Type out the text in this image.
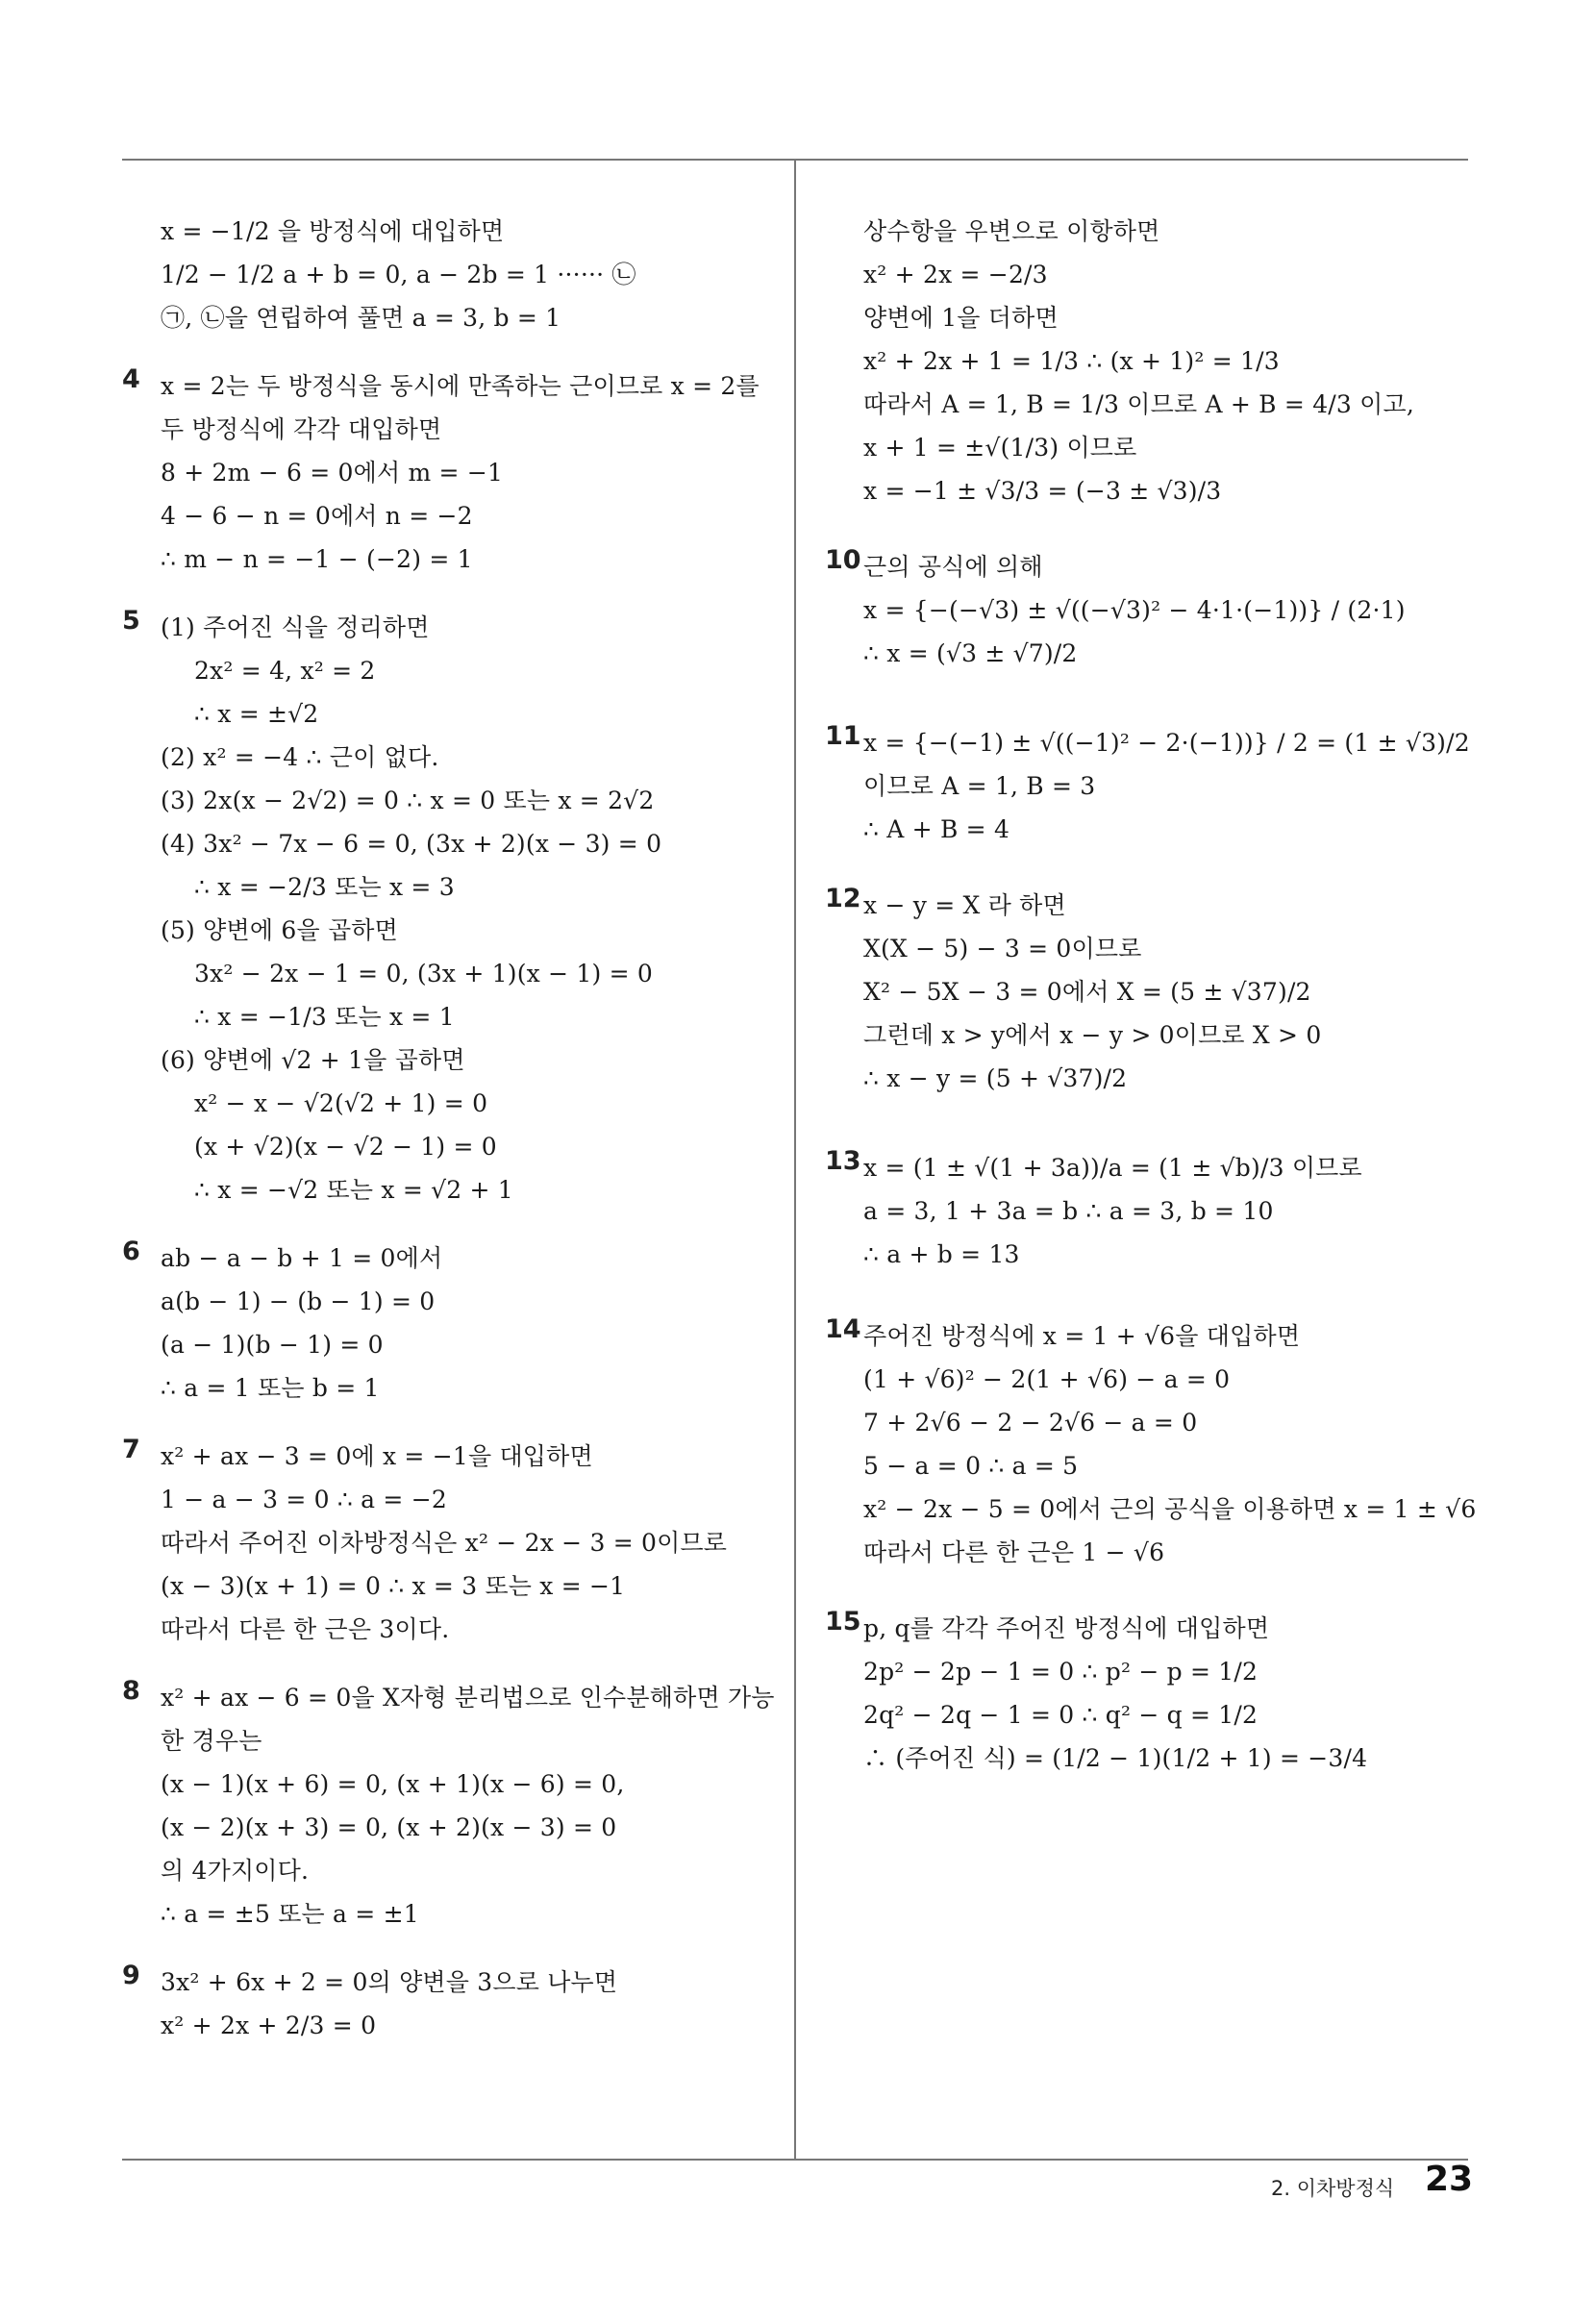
x = −1/2 을 방정식에 대입하면
1/2 − 1/2 a + b = 0, a − 2b = 1 ······ ㉡
㉠, ㉡을 연립하여 풀면 a = 3, b = 1
4 x = 2는 두 방정식을 동시에 만족하는 근이므로 x = 2를
두 방정식에 각각 대입하면
8 + 2m − 6 = 0에서 m = −1
4 − 6 − n = 0에서 n = −2
∴ m − n = −1 − (−2) = 1
5 (1) 주어진 식을 정리하면
2x² = 4, x² = 2
∴ x = ±√2
(2) x² = −4 ∴ 근이 없다.
(3) 2x(x − 2√2) = 0 ∴ x = 0 또는 x = 2√2
(4) 3x² − 7x − 6 = 0, (3x + 2)(x − 3) = 0
∴ x = −2/3 또는 x = 3
(5) 양변에 6을 곱하면
3x² − 2x − 1 = 0, (3x + 1)(x − 1) = 0
∴ x = −1/3 또는 x = 1
(6) 양변에 √2 + 1을 곱하면
x² − x − √2(√2 + 1) = 0
(x + √2)(x − √2 − 1) = 0
∴ x = −√2 또는 x = √2 + 1
6 ab − a − b + 1 = 0에서
a(b − 1) − (b − 1) = 0
(a − 1)(b − 1) = 0
∴ a = 1 또는 b = 1
7 x² + ax − 3 = 0에 x = −1을 대입하면
1 − a − 3 = 0 ∴ a = −2
따라서 주어진 이차방정식은 x² − 2x − 3 = 0이므로
(x − 3)(x + 1) = 0 ∴ x = 3 또는 x = −1
따라서 다른 한 근은 3이다.
8 x² + ax − 6 = 0을 X자형 분리법으로 인수분해하면 가능
한 경우는
(x − 1)(x + 6) = 0, (x + 1)(x − 6) = 0,
(x − 2)(x + 3) = 0, (x + 2)(x − 3) = 0
의 4가지이다.
∴ a = ±5 또는 a = ±1
9 3x² + 6x + 2 = 0의 양변을 3으로 나누면
x² + 2x + 2/3 = 0
상수항을 우변으로 이항하면
x² + 2x = −2/3
양변에 1을 더하면
x² + 2x + 1 = 1/3 ∴ (x + 1)² = 1/3
따라서 A = 1, B = 1/3 이므로 A + B = 4/3 이고,
x + 1 = ±√(1/3) 이므로
x = −1 ± √3/3 = (−3 ± √3)/3
10 근의 공식에 의해
x = {−(−√3) ± √((−√3)² − 4·1·(−1))} / (2·1)
∴ x = (√3 ± √7)/2
11 x = {−(−1) ± √((−1)² − 2·(−1))} / 2 = (1 ± √3)/2
이므로 A = 1, B = 3
∴ A + B = 4
12 x − y = X 라 하면
X(X − 5) − 3 = 0이므로
X² − 5X − 3 = 0에서 X = (5 ± √37)/2
그런데 x > y에서 x − y > 0이므로 X > 0
∴ x − y = (5 + √37)/2
13 x = (1 ± √(1 + 3a))/a = (1 ± √b)/3 이므로
a = 3, 1 + 3a = b ∴ a = 3, b = 10
∴ a + b = 13
14 주어진 방정식에 x = 1 + √6을 대입하면
(1 + √6)² − 2(1 + √6) − a = 0
7 + 2√6 − 2 − 2√6 − a = 0
5 − a = 0 ∴ a = 5
x² − 2x − 5 = 0에서 근의 공식을 이용하면 x = 1 ± √6
따라서 다른 한 근은 1 − √6
15 p, q를 각각 주어진 방정식에 대입하면
2p² − 2p − 1 = 0 ∴ p² − p = 1/2
2q² − 2q − 1 = 0 ∴ q² − q = 1/2
∴ (주어진 식) = (1/2 − 1)(1/2 + 1) = −3/4
2. 이차방정식 23
